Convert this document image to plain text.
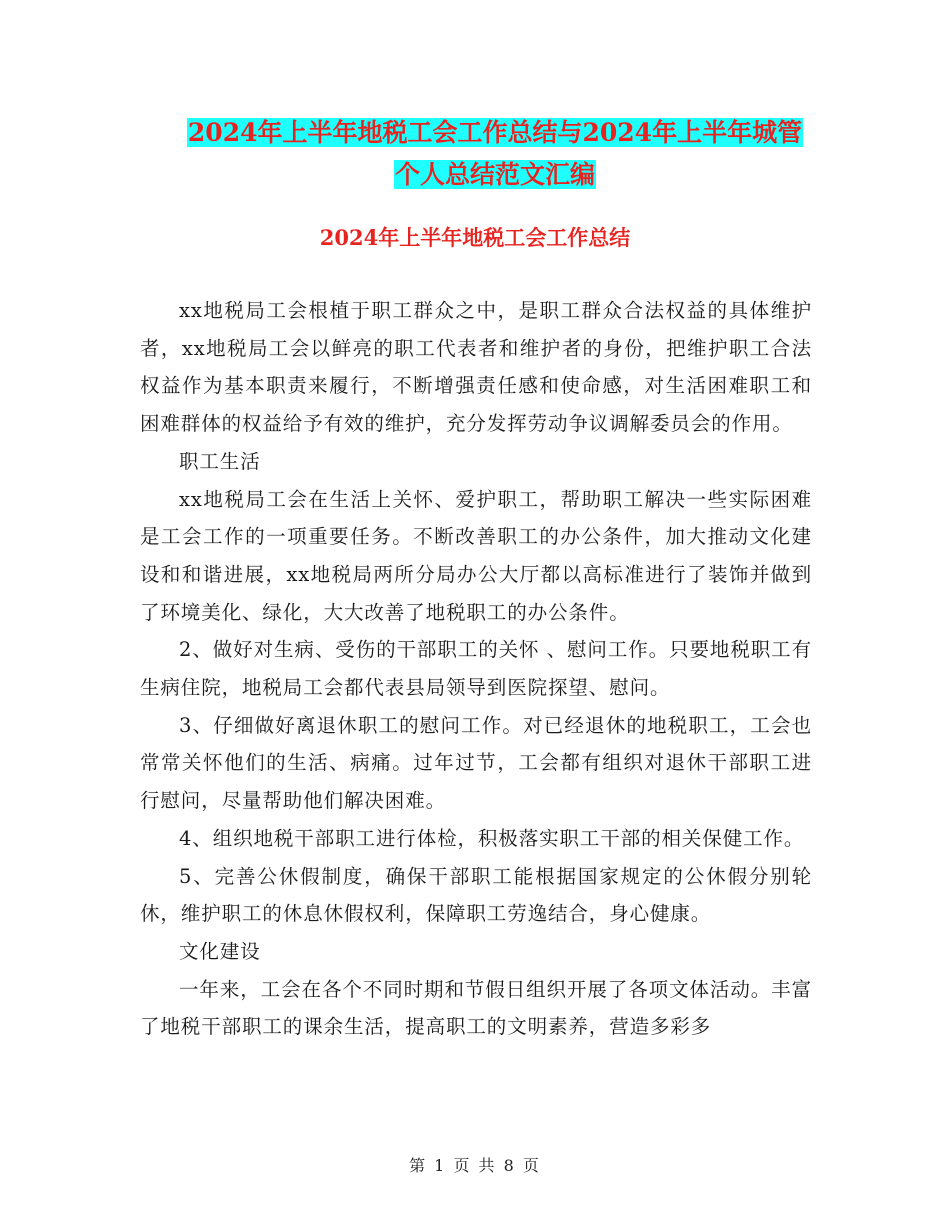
2024年上半年地税工会工作总结与2024年上半年城管
个人总结范文汇编
2024年上半年地税工会工作总结

xx地税局工会根植于职工群众之中，是职工群众合法权益的具体维护者，xx地税局工会以鲜亮的职工代表者和维护者的身份，把维护职工合法权益作为基本职责来履行，不断增强责任感和使命感，对生活困难职工和困难群体的权益给予有效的维护，充分发挥劳动争议调解委员会的作用。

职工生活

xx地税局工会在生活上关怀、爱护职工，帮助职工解决一些实际困难是工会工作的一项重要任务。不断改善职工的办公条件，加大推动文化建设和和谐进展，xx地税局两所分局办公大厅都以高标准进行了装饰并做到了环境美化、绿化，大大改善了地税职工的办公条件。

2、做好对生病、受伤的干部职工的关怀 、慰问工作。只要地税职工有生病住院，地税局工会都代表县局领导到医院探望、慰问。

3、仔细做好离退休职工的慰问工作。对已经退休的地税职工，工会也常常关怀他们的生活、病痛。过年过节，工会都有组织对退休干部职工进行慰问，尽量帮助他们解决困难。

4、组织地税干部职工进行体检，积极落实职工干部的相关保健工作。

5、完善公休假制度，确保干部职工能根据国家规定的公休假分别轮休，维护职工的休息休假权利，保障职工劳逸结合，身心健康。

文化建设

一年来，工会在各个不同时期和节假日组织开展了各项文体活动。丰富了地税干部职工的课余生活，提高职工的文明素养，营造多彩多

第 1 页 共 8 页
